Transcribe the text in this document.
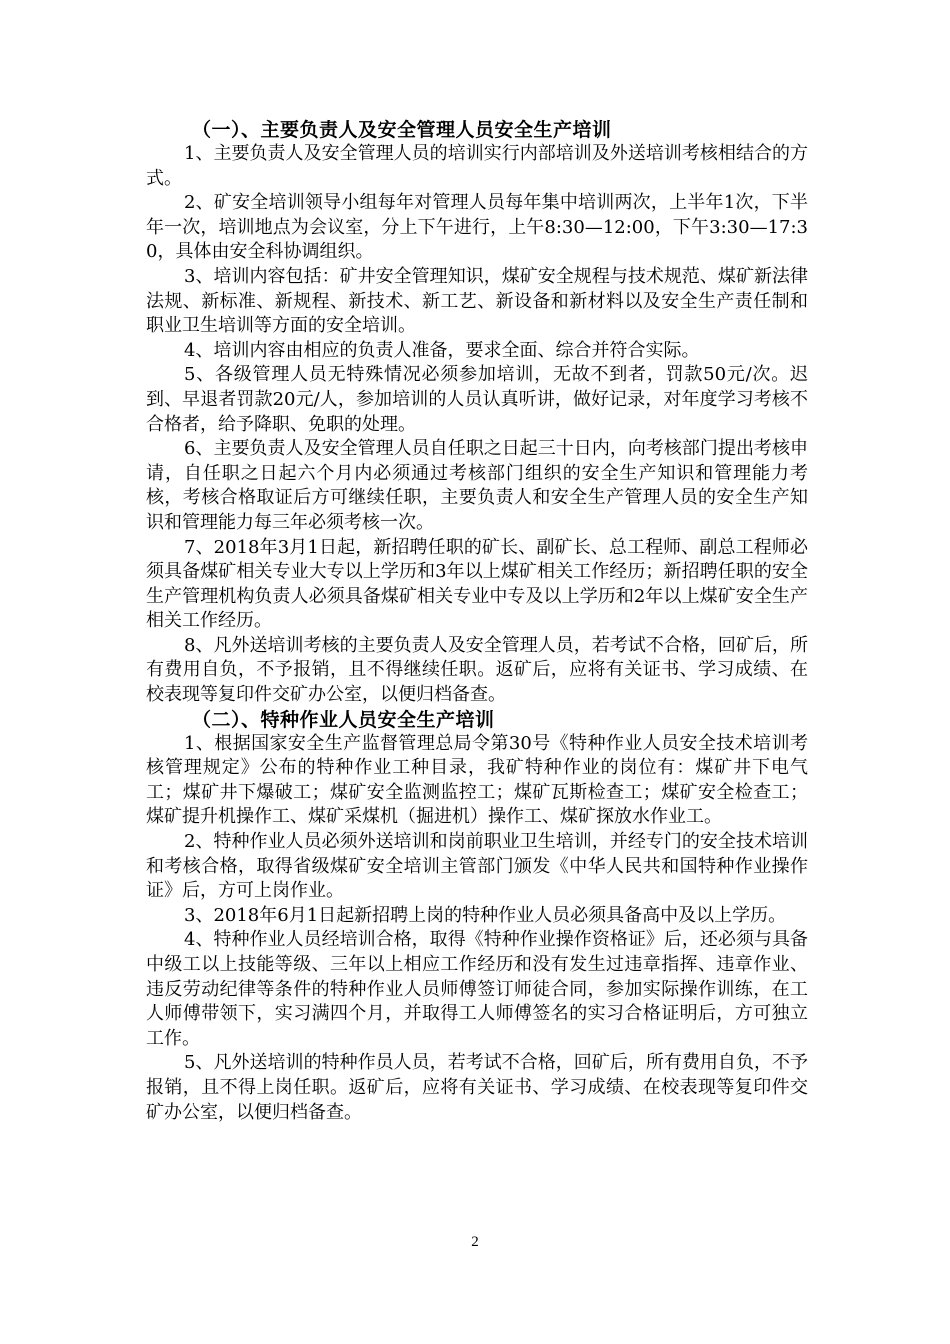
（一）、主要负责人及安全管理人员安全生产培训

1、主要负责人及安全管理人员的培训实行内部培训及外送培训考核相结合的方式。

2、矿安全培训领导小组每年对管理人员每年集中培训两次，上半年1次，下半年一次，培训地点为会议室，分上下午进行，上午8:30—12:00，下午3:30—17:30，具体由安全科协调组织。

3、培训内容包括：矿井安全管理知识，煤矿安全规程与技术规范、煤矿新法律法规、新标准、新规程、新技术、新工艺、新设备和新材料以及安全生产责任制和职业卫生培训等方面的安全培训。

4、培训内容由相应的负责人准备，要求全面、综合并符合实际。

5、各级管理人员无特殊情况必须参加培训，无故不到者，罚款50元/次。迟到、早退者罚款20元/人，参加培训的人员认真听讲，做好记录，对年度学习考核不合格者，给予降职、免职的处理。

6、主要负责人及安全管理人员自任职之日起三十日内，向考核部门提出考核申请，自任职之日起六个月内必须通过考核部门组织的安全生产知识和管理能力考核，考核合格取证后方可继续任职，主要负责人和安全生产管理人员的安全生产知识和管理能力每三年必须考核一次。

7、2018年3月1日起，新招聘任职的矿长、副矿长、总工程师、副总工程师必须具备煤矿相关专业大专以上学历和3年以上煤矿相关工作经历；新招聘任职的安全生产管理机构负责人必须具备煤矿相关专业中专及以上学历和2年以上煤矿安全生产相关工作经历。

8、凡外送培训考核的主要负责人及安全管理人员，若考试不合格，回矿后，所有费用自负，不予报销，且不得继续任职。返矿后，应将有关证书、学习成绩、在校表现等复印件交矿办公室，以便归档备查。

（二）、特种作业人员安全生产培训

1、根据国家安全生产监督管理总局令第30号《特种作业人员安全技术培训考核管理规定》公布的特种作业工种目录，我矿特种作业的岗位有：煤矿井下电气工；煤矿井下爆破工；煤矿安全监测监控工；煤矿瓦斯检查工；煤矿安全检查工；煤矿提升机操作工、煤矿采煤机（掘进机）操作工、煤矿探放水作业工。

2、特种作业人员必须外送培训和岗前职业卫生培训，并经专门的安全技术培训和考核合格，取得省级煤矿安全培训主管部门颁发《中华人民共和国特种作业操作证》后，方可上岗作业。

3、2018年6月1日起新招聘上岗的特种作业人员必须具备高中及以上学历。

4、特种作业人员经培训合格，取得《特种作业操作资格证》后，还必须与具备中级工以上技能等级、三年以上相应工作经历和没有发生过违章指挥、违章作业、违反劳动纪律等条件的特种作业人员师傅签订师徒合同，参加实际操作训练，在工人师傅带领下，实习满四个月，并取得工人师傅签名的实习合格证明后，方可独立工作。

5、凡外送培训的特种作员人员，若考试不合格，回矿后，所有费用自负，不予报销，且不得上岗任职。返矿后，应将有关证书、学习成绩、在校表现等复印件交矿办公室，以便归档备查。

2
